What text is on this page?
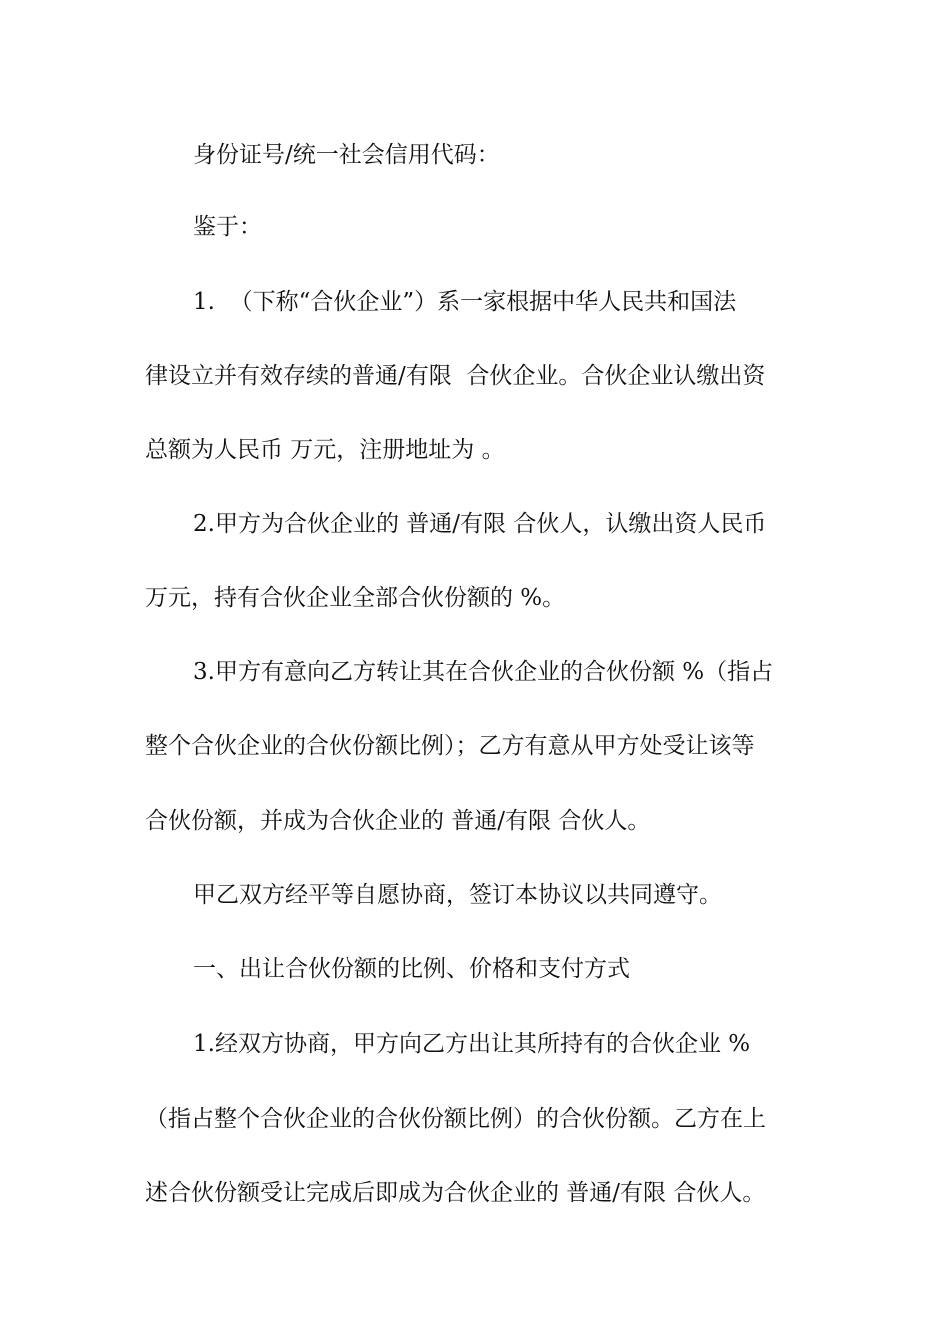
身份证号/统一社会信用代码：
鉴于：
1.  （下称“合伙企业”）系一家根据中华人民共和国法
律设立并有效存续的普通/有限  合伙企业。合伙企业认缴出资
总额为人民币 万元，注册地址为 。
2.甲方为合伙企业的 普通/有限 合伙人，认缴出资人民币
万元，持有合伙企业全部合伙份额的 %。
3.甲方有意向乙方转让其在合伙企业的合伙份额 %（指占
整个合伙企业的合伙份额比例）；乙方有意从甲方处受让该等
合伙份额，并成为合伙企业的 普通/有限 合伙人。
甲乙双方经平等自愿协商，签订本协议以共同遵守。
一、出让合伙份额的比例、价格和支付方式
1.经双方协商，甲方向乙方出让其所持有的合伙企业 %
（指占整个合伙企业的合伙份额比例）的合伙份额。乙方在上
述合伙份额受让完成后即成为合伙企业的 普通/有限 合伙人。
